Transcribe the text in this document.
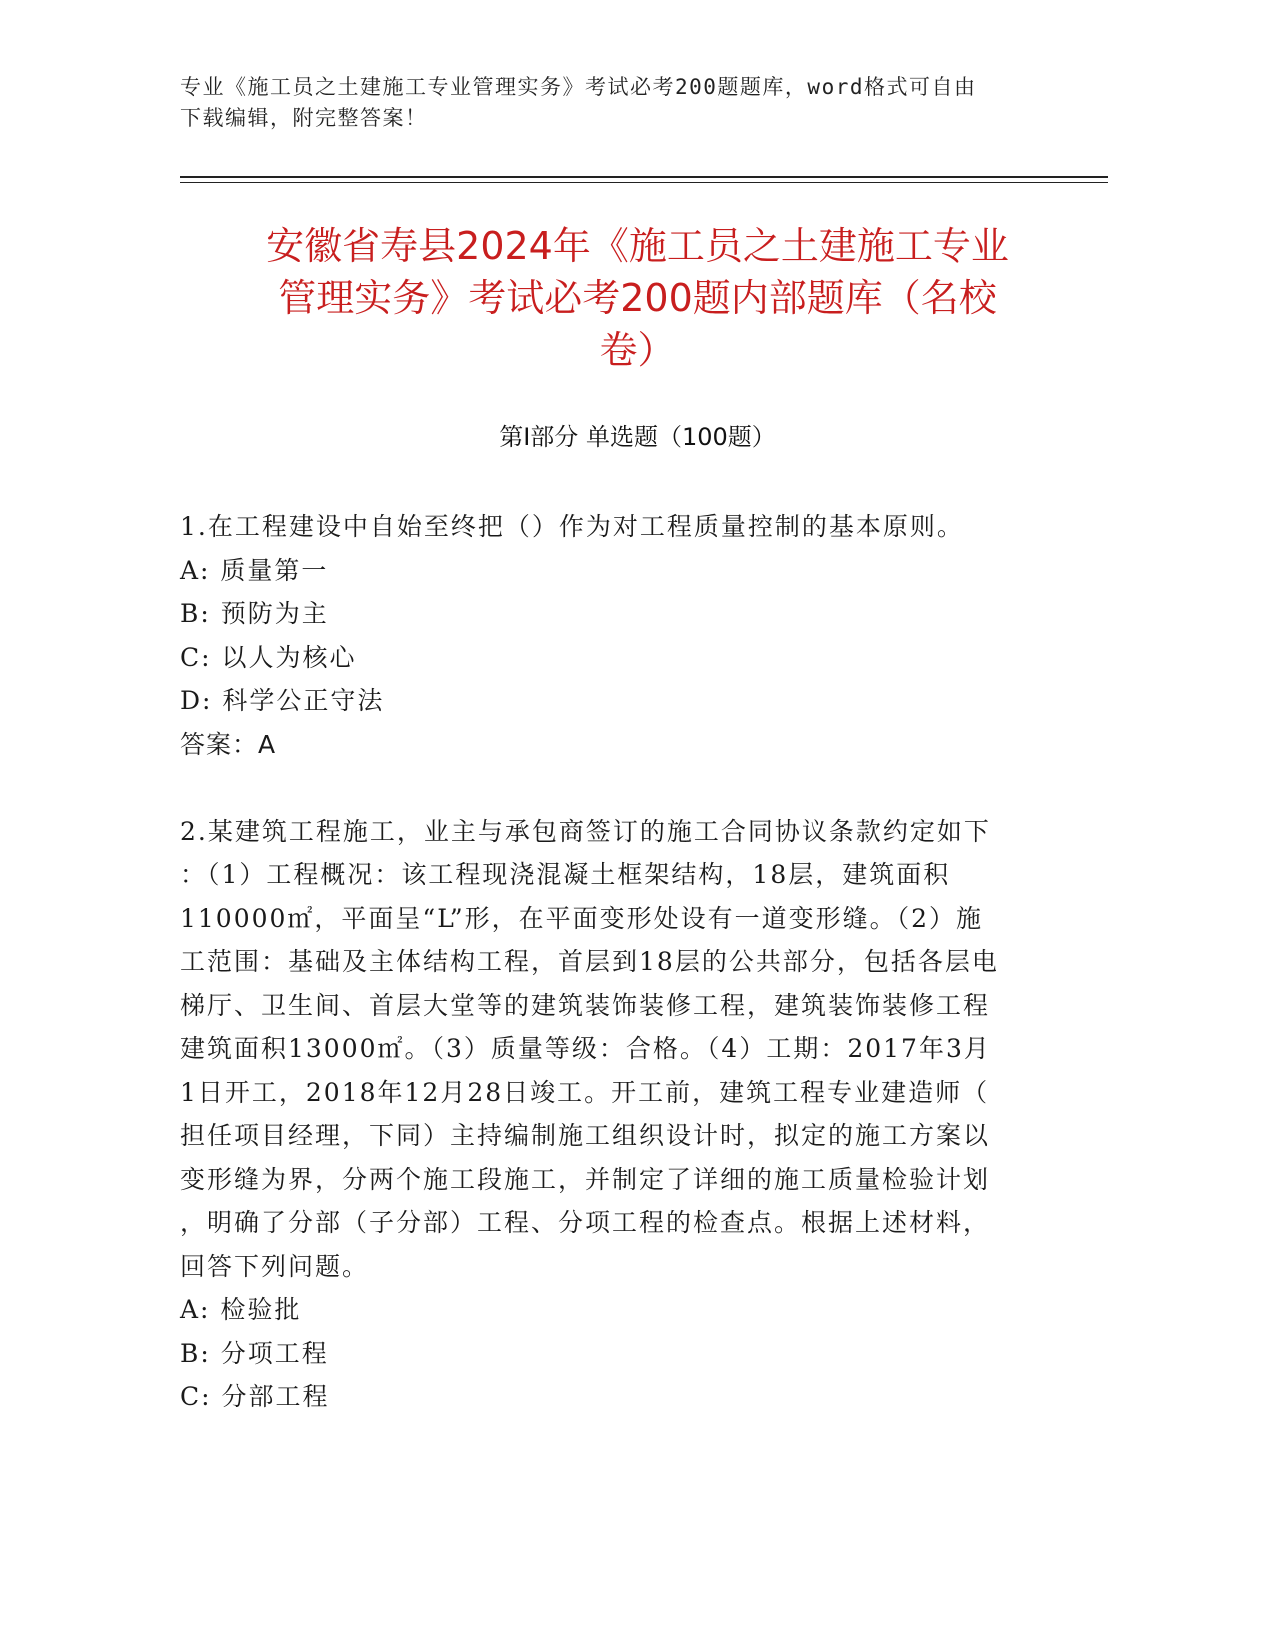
专业《施工员之土建施工专业管理实务》考试必考200题题库，word格式可自由
下载编辑，附完整答案！
安徽省寿县2024年《施工员之土建施工专业
管理实务》考试必考200题内部题库（名校
卷）
第Ⅰ部分 单选题（100题）
1.在工程建设中自始至终把（）作为对工程质量控制的基本原则。
A: 质量第一
B: 预防为主
C: 以人为核心
D: 科学公正守法
答案：A
2.某建筑工程施工，业主与承包商签订的施工合同协议条款约定如下
：（1）工程概况：该工程现浇混凝土框架结构，18层，建筑面积
110000㎡，平面呈“L”形，在平面变形处设有一道变形缝。（2）施
工范围：基础及主体结构工程，首层到18层的公共部分，包括各层电
梯厅、卫生间、首层大堂等的建筑装饰装修工程，建筑装饰装修工程
建筑面积13000㎡。（3）质量等级：合格。（4）工期：2017年3月
1日开工，2018年12月28日竣工。开工前，建筑工程专业建造师（
担任项目经理，下同）主持编制施工组织设计时，拟定的施工方案以
变形缝为界，分两个施工段施工，并制定了详细的施工质量检验计划
，明确了分部（子分部）工程、分项工程的检查点。根据上述材料，
回答下列问题。
A: 检验批
B: 分项工程
C: 分部工程
